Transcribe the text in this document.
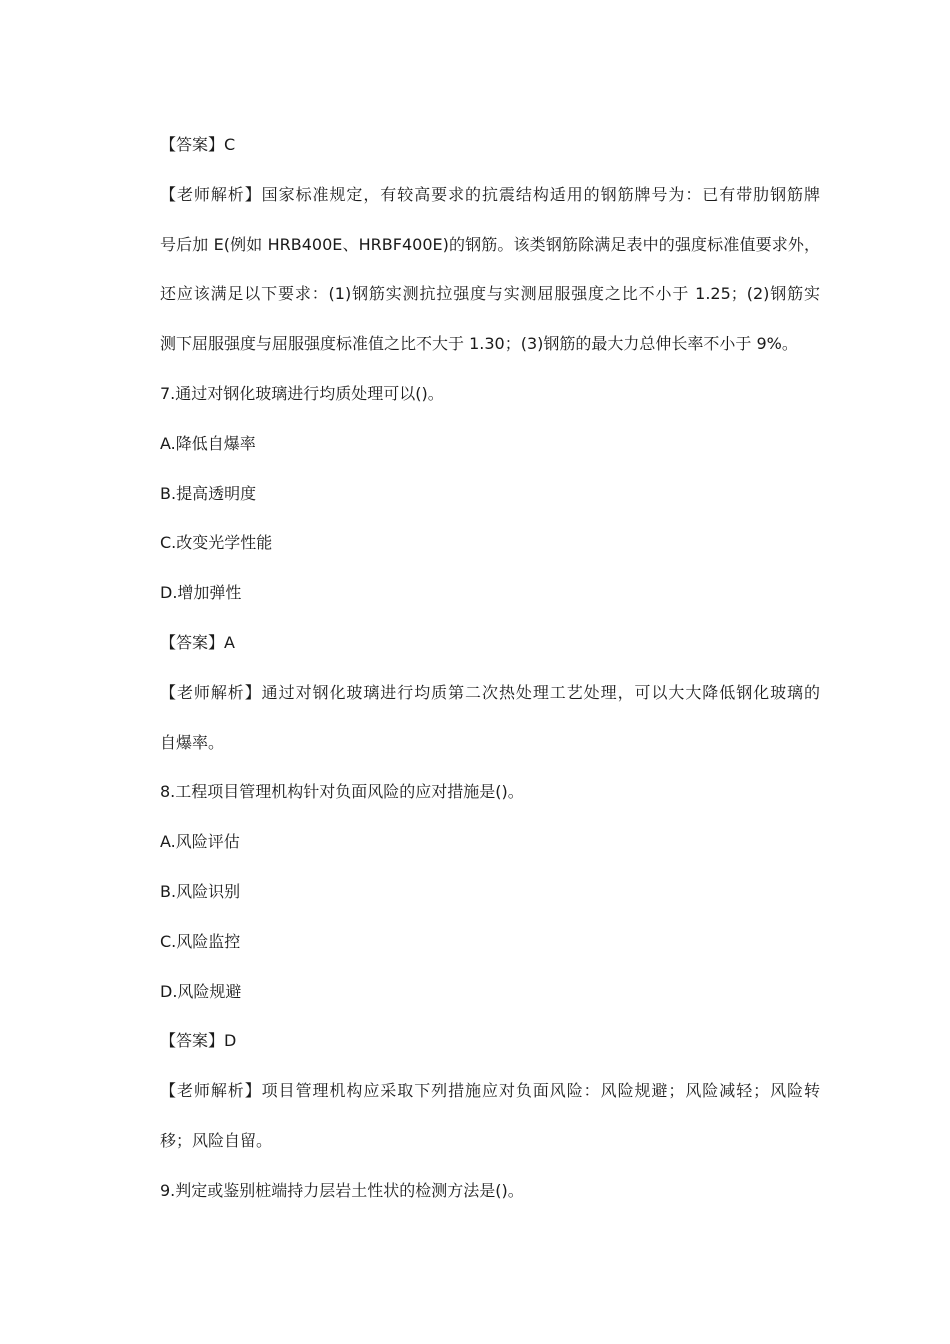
【答案】C

【老师解析】国家标准规定，有较高要求的抗震结构适用的钢筋牌号为：已有带肋钢筋牌

号后加 E(例如 HRB400E、HRBF400E)的钢筋。该类钢筋除满足表中的强度标准值要求外，

还应该满足以下要求：(1)钢筋实测抗拉强度与实测屈服强度之比不小于 1.25；(2)钢筋实

测下屈服强度与屈服强度标准值之比不大于 1.30；(3)钢筋的最大力总伸长率不小于 9%。

7.通过对钢化玻璃进行均质处理可以()。

A.降低自爆率

B.提高透明度

C.改变光学性能

D.增加弹性

【答案】A

【老师解析】通过对钢化玻璃进行均质第二次热处理工艺处理，可以大大降低钢化玻璃的

自爆率。

8.工程项目管理机构针对负面风险的应对措施是()。

A.风险评估

B.风险识别

C.风险监控

D.风险规避

【答案】D

【老师解析】项目管理机构应采取下列措施应对负面风险：风险规避；风险减轻；风险转

移；风险自留。

9.判定或鉴别桩端持力层岩土性状的检测方法是()。
